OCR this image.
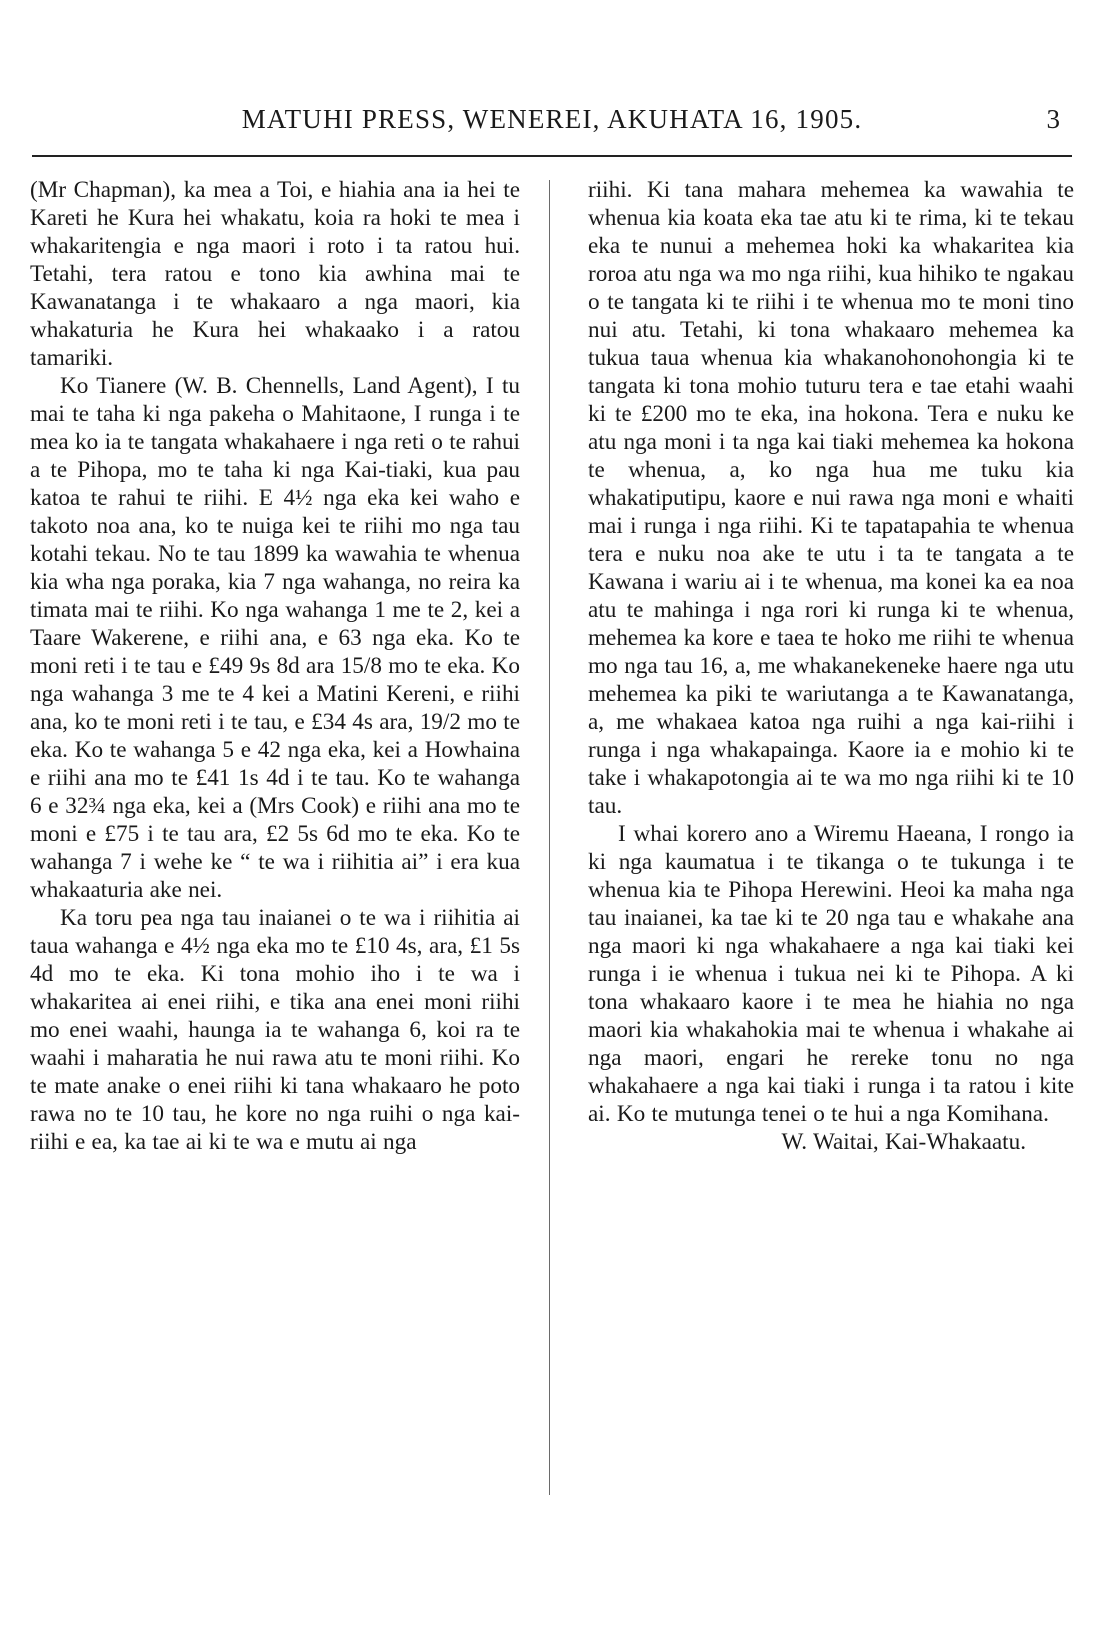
MATUHI PRESS, WENEREI, AKUHATA 16, 1905.	3

(Mr Chapman), ka mea a Toi, e hiahia ana ia hei te Kareti he Kura hei whakatu, koia ra hoki te mea i whakaritengia e nga maori i roto i ta ratou hui. Tetahi, tera ratou e tono kia awhina mai te Kawanatanga i te whakaaro a nga maori, kia whakaturia he Kura hei whakaako i a ratou tamariki.

Ko Tianere (W. B. Chennells, Land Agent), I tu mai te taha ki nga pakeha o Mahitaone, I runga i te mea ko ia te tangata whakahaere i nga reti o te rahui a te Pihopa, mo te taha ki nga Kai-tiaki, kua pau katoa te rahui te riihi. E 4½ nga eka kei waho e takoto noa ana, ko te nuiga kei te riihi mo nga tau kotahi tekau. No te tau 1899 ka wawahia te whenua kia wha nga poraka, kia 7 nga wahanga, no reira ka timata mai te riihi. Ko nga wahanga 1 me te 2, kei a Taare Wakerene, e riihi ana, e 63 nga eka. Ko te moni reti i te tau e £49 9s 8d ara 15/8 mo te eka. Ko nga wahanga 3 me te 4 kei a Matini Kereni, e riihi ana, ko te moni reti i te tau, e £34 4s ara, 19/2 mo te eka. Ko te wahanga 5 e 42 nga eka, kei a Howhaina e riihi ana mo te £41 1s 4d i te tau. Ko te wahanga 6 e 32¾ nga eka, kei a (Mrs Cook) e riihi ana mo te moni e £75 i te tau ara, £2 5s 6d mo te eka. Ko te wahanga 7 i wehe ke “ te wa i riihitia ai” i era kua whakaaturia ake nei.

Ka toru pea nga tau inaianei o te wa i riihitia ai taua wahanga e 4½ nga eka mo te £10 4s, ara, £1 5s 4d mo te eka. Ki tona mohio iho i te wa i whakaritea ai enei riihi, e tika ana enei moni riihi mo enei waahi, haunga ia te wahanga 6, koi ra te waahi i maharatia he nui rawa atu te moni riihi. Ko te mate anake o enei riihi ki tana whakaaro he poto rawa no te 10 tau, he kore no nga ruihi o nga kai-riihi e ea, ka tae ai ki te wa e mutu ai nga

riihi. Ki tana mahara mehemea ka wawahia te whenua kia koata eka tae atu ki te rima, ki te tekau eka te nunui a mehemea hoki ka whakaritea kia roroa atu nga wa mo nga riihi, kua hihiko te ngakau o te tangata ki te riihi i te whenua mo te moni tino nui atu. Tetahi, ki tona whakaaro mehemea ka tukua taua whenua kia whakanohonohongia ki te tangata ki tona mohio tuturu tera e tae etahi waahi ki te £200 mo te eka, ina hokona. Tera e nuku ke atu nga moni i ta nga kai tiaki mehemea ka hokona te whenua, a, ko nga hua me tuku kia whakatiputipu, kaore e nui rawa nga moni e whaiti mai i runga i nga riihi. Ki te tapatapahia te whenua tera e nuku noa ake te utu i ta te tangata a te Kawana i wariu ai i te whenua, ma konei ka ea noa atu te mahinga i nga rori ki runga ki te whenua, mehemea ka kore e taea te hoko me riihi te whenua mo nga tau 16, a, me whakanekeneke haere nga utu mehemea ka piki te wariutanga a te Kawanatanga, a, me whakaea katoa nga ruihi a nga kai-riihi i runga i nga whakapainga. Kaore ia e mohio ki te take i whakapotongia ai te wa mo nga riihi ki te 10 tau.

I whai korero ano a Wiremu Haeana, I rongo ia ki nga kaumatua i te tikanga o te tukunga i te whenua kia te Pihopa Herewini. Heoi ka maha nga tau inaianei, ka tae ki te 20 nga tau e whakahe ana nga maori ki nga whakahaere a nga kai tiaki kei runga i ie whenua i tukua nei ki te Pihopa. A ki tona whakaaro kaore i te mea he hiahia no nga maori kia whakahokia mai te whenua i whakahe ai nga maori, engari he rereke tonu no nga whakahaere a nga kai tiaki i runga i ta ratou i kite ai. Ko te mutunga tenei o te hui a nga Komihana.

W. Waitai, Kai-Whakaatu.
